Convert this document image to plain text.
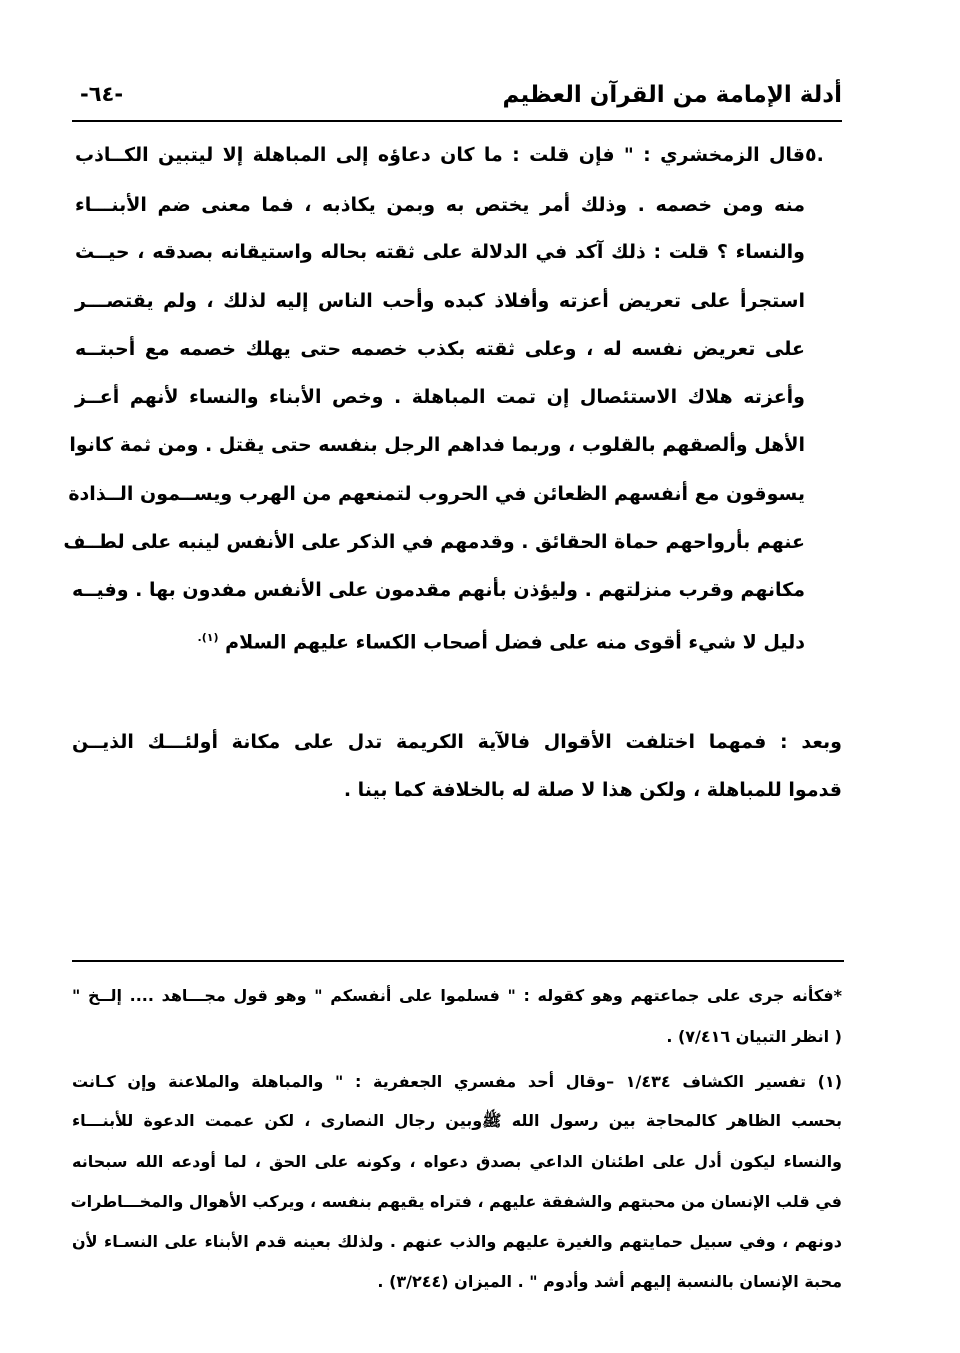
أدلة الإمامة من القرآن العظيم
-٦٤-
٥.
قال الزمخشري : " فإن قلت : ما كان دعاؤه إلى المباهلة إلا ليتبين الكــاذب
منه ومن خصمه . وذلك أمر يختص به وبمن يكاذبه ، فما معنى ضم الأبنـــاء
والنساء ؟ قلت : ذلك آكد في الدلالة على ثقته بحاله واستيقانه بصدقه ، حيــث
استجرأ على تعريض أعزته وأفلاذ كبده وأحب الناس إليه لذلك ، ولم يقتصـــر
على تعريض نفسه له ، وعلى ثقته بكذب خصمه حتى يهلك خصمه مع أحبتــه
وأعزته هلاك الاستئصال إن تمت المباهلة . وخص الأبناء والنساء لأنهم أعــز
الأهل وألصقهم بالقلوب ، وربما فداهم الرجل بنفسه حتى يقتل . ومن ثمة كانوا
يسوقون مع أنفسهم الظعائن في الحروب لتمنعهم من الهرب ويســمون الــذادة
عنهم بأرواحهم حماة الحقائق . وقدمهم في الذكر على الأنفس لينبه على لطــف
مكانهم وقرب منزلتهم . وليؤذن بأنهم مقدمون على الأنفس مفدون بها . وفيــه
دليل لا شيء أقوى منه على فضل أصحاب الكساء عليهم السلام $^{(١).}$
وبعد : فمهما اختلفت الأقوال فالآية الكريمة تدل على مكانة أولئـــك الذيــن
قدموا للمباهلة ، ولكن هذا لا صلة له بالخلافة كما بينا .
*فكأنه جرى على جماعتهم وهو كقوله : " فسلموا على أنفسكم " وهو قول مجـــاهد .... إلــخ "
( انظر التبيان ٧/٤١٦) .
(١) تفسير الكشاف ١/٤٣٤ –وقال أحد مفسري الجعفرية : " والمباهلة والملاعنة وإن كـانت
بحسب الظاهر كالمحاجة بين رسول الله ﷺوبين رجال النصارى ، لكن عممت الدعوة للأبنـــاء
والنساء ليكون أدل على اطئنان الداعي بصدق دعواه ، وكونه على الحق ، لما أودعه الله سبحانه
في قلب الإنسان من محبتهم والشفقة عليهم ، فتراه يقيهم بنفسه ، ويركب الأهوال والمخـــاطرات
دونهم ، وفي سبيل حمايتهم والغيرة عليهم والذب عنهم . ولذلك بعينه قدم الأبناء على النسـاء لأن
محبة الإنسان بالنسبة إليهم أشد وأدوم " . الميزان (٣/٢٤٤) .
